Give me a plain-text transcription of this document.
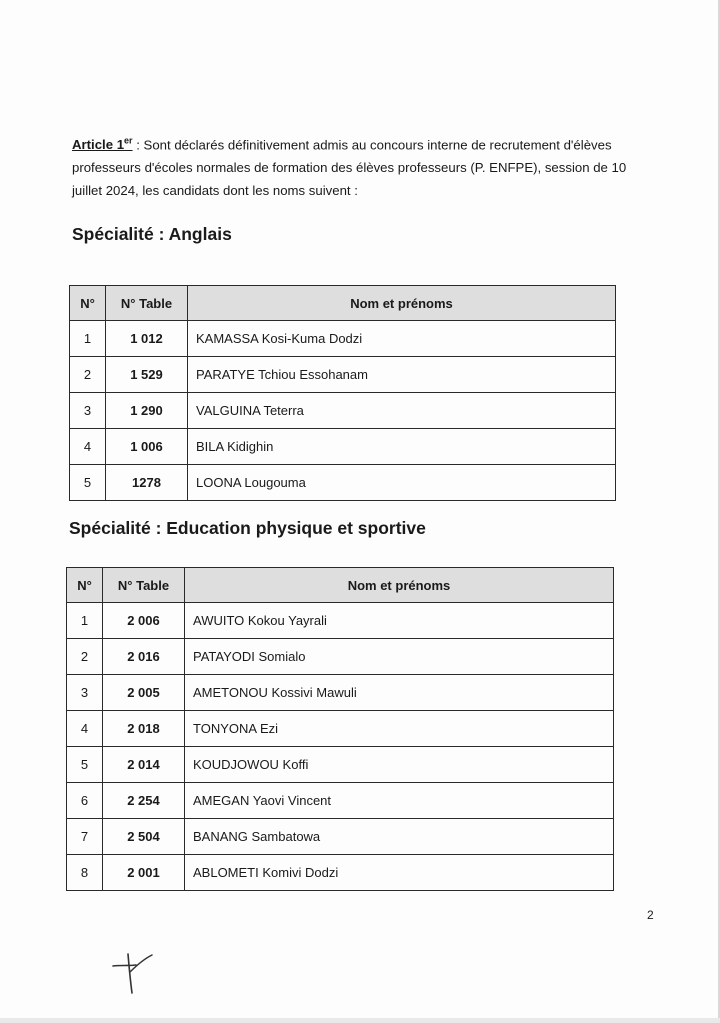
Article 1er : Sont déclarés définitivement admis au concours interne de recrutement d'élèves professeurs d'écoles normales de formation des élèves professeurs (P. ENFPE), session de 10 juillet 2024, les candidats dont les noms suivent :

Spécialité : Anglais
N°	N° Table	Nom et prénoms
1	1 012	KAMASSA Kosi-Kuma Dodzi
2	1 529	PARATYE Tchiou Essohanam
3	1 290	VALGUINA Teterra
4	1 006	BILA Kidighin
5	1278	LOONA Lougouma
Spécialité : Education physique et sportive
N°	N° Table	Nom et prénoms
1	2 006	AWUITO Kokou Yayrali
2	2 016	PATAYODI Somialo
3	2 005	AMETONOU Kossivi Mawuli
4	2 018	TONYONA Ezi
5	2 014	KOUDJOWOU Koffi
6	2 254	AMEGAN Yaovi Vincent
7	2 504	BANANG Sambatowa
8	2 001	ABLOMETI Komivi Dodzi
2
